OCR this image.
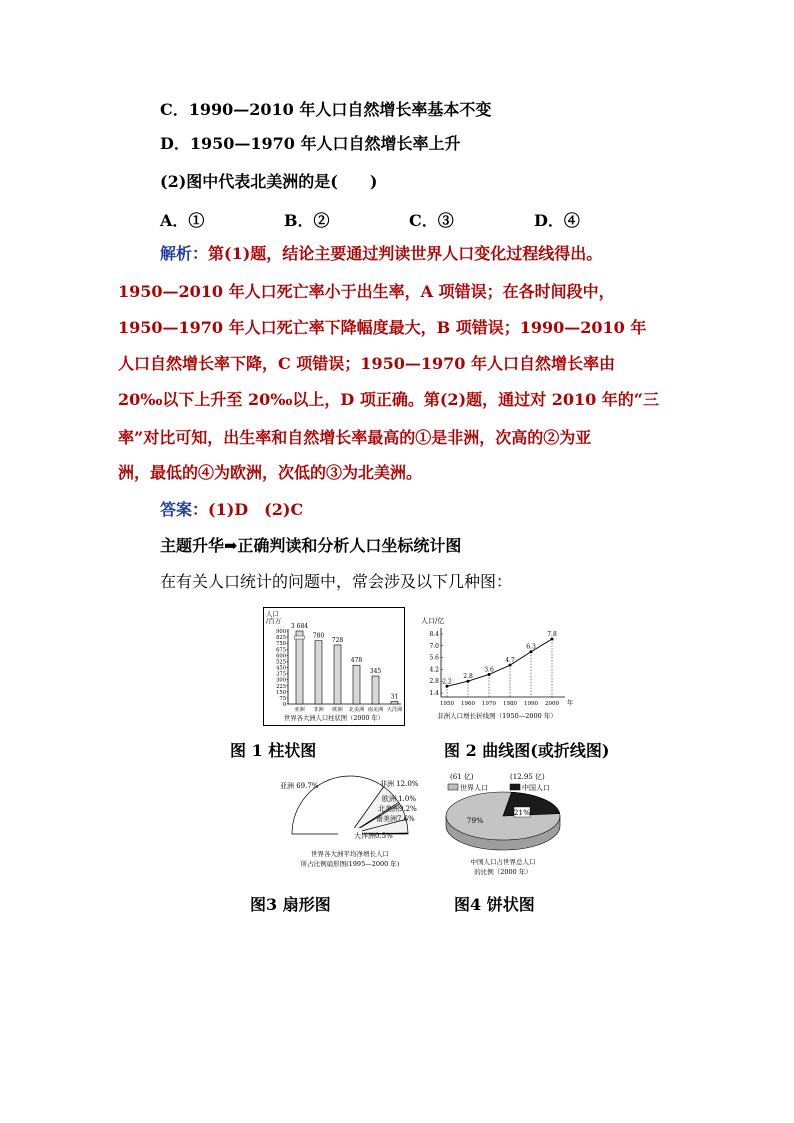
C．1990—2010 年人口自然增长率基本不变
D．1950—1970 年人口自然增长率上升
(2)图中代表北美洲的是(　　)
A．①	B．②	C．③	D．④
解析：第(1)题，结论主要通过判读世界人口变化过程线得出。
1950—2010 年人口死亡率小于出生率，A 项错误；在各时间段中，
1950—1970 年人口死亡率下降幅度最大，B 项错误；1990—2010 年
人口自然增长率下降，C 项错误；1950—1970 年人口自然增长率由
20‰以下上升至 20‰以上，D 项正确。第(2)题，通过对 2010 年的“三
率”对比可知，出生率和自然增长率最高的①是非洲，次高的②为亚
洲，最低的④为欧洲，次低的③为北美洲。
答案：(1)D　(2)C
主题升华➡正确判读和分析人口坐标统计图
在有关人口统计的问题中，常会涉及以下几种图：
人口
/百万
900
825
750
675
600
525
450
375
300
225
150
75
0
3 684
亚洲
780
非洲
728
欧洲
478
北美洲
345
南美洲
31
大洋洲
世界各大洲人口柱状图（2000 年）
人口/亿
1.4
2.8
4.2
5.6
7.0
8.4
2.2
1950
2.8
1960
3.6
1970
4.7
1980
6.3
1990
7.8
2000 年
非洲人口增长折线图（1950—2000 年）
图 1 柱状图	图 2 曲线图(或折线图)
亚洲 69.7%	非洲 12.0%
欧洲 1.0%
北美洲9.2%
南美洲7.6%
大洋洲0.5%
世界各大洲平均净增长人口
所占比例扇形图(1995—2000 年)
(61 亿)	(12.95 亿)
世界人口	中国人口
79%
21%
中国人口占世界总人口
的比例（2000 年）
图3 扇形图	图4 饼状图
